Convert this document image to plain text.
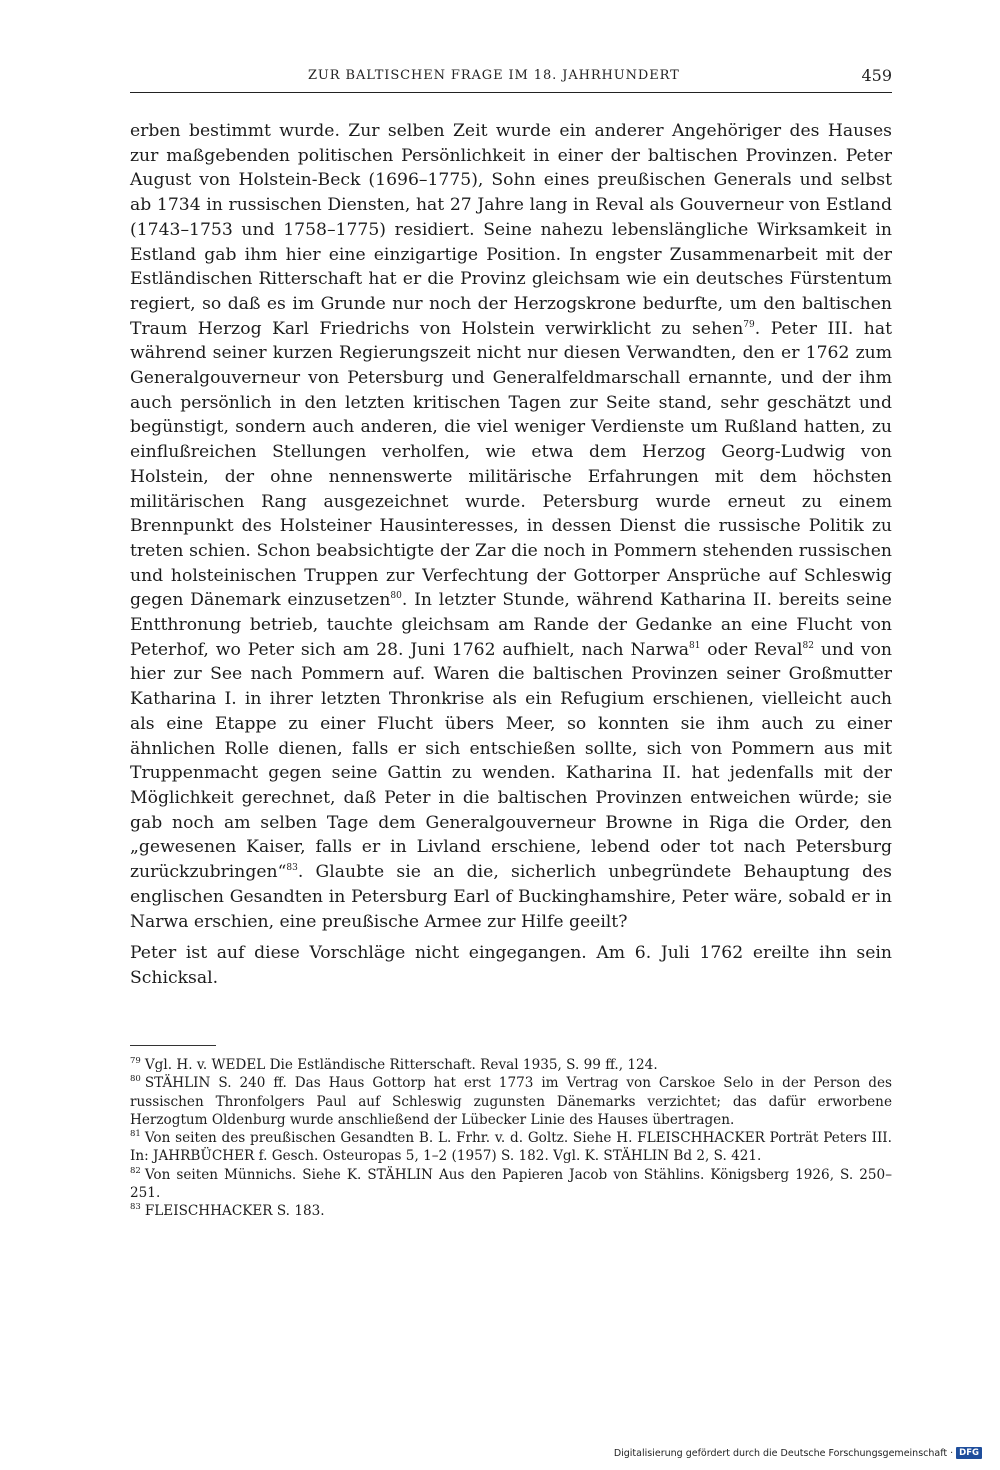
ZUR BALTISCHEN FRAGE IM 18. JAHRHUNDERT	459

erben bestimmt wurde. Zur selben Zeit wurde ein anderer Angehöriger des Hauses zur maßgebenden politischen Persönlichkeit in einer der baltischen Provinzen. Peter August von Holstein-Beck (1696–1775), Sohn eines preußischen Generals und selbst ab 1734 in russischen Diensten, hat 27 Jahre lang in Reval als Gouverneur von Estland (1743–1753 und 1758–1775) residiert. Seine nahezu lebenslängliche Wirksamkeit in Estland gab ihm hier eine einzigartige Position. In engster Zusammenarbeit mit der Estländischen Ritterschaft hat er die Provinz gleichsam wie ein deutsches Fürstentum regiert, so daß es im Grunde nur noch der Herzogskrone bedurfte, um den baltischen Traum Herzog Karl Friedrichs von Holstein verwirklicht zu sehen$^{79}$. Peter III. hat während seiner kurzen Regierungszeit nicht nur diesen Verwandten, den er 1762 zum Generalgouverneur von Petersburg und Generalfeldmarschall ernannte, und der ihm auch persönlich in den letzten kritischen Tagen zur Seite stand, sehr geschätzt und begünstigt, sondern auch anderen, die viel weniger Verdienste um Rußland hatten, zu einflußreichen Stellungen verholfen, wie etwa dem Herzog Georg-Ludwig von Holstein, der ohne nennenswerte militärische Erfahrungen mit dem höchsten militärischen Rang ausgezeichnet wurde. Petersburg wurde erneut zu einem Brennpunkt des Holsteiner Hausinteresses, in dessen Dienst die russische Politik zu treten schien. Schon beabsichtigte der Zar die noch in Pommern stehenden russischen und holsteinischen Truppen zur Verfechtung der Gottorper Ansprüche auf Schleswig gegen Dänemark einzusetzen$^{80}$. In letzter Stunde, während Katharina II. bereits seine Entthronung betrieb, tauchte gleichsam am Rande der Gedanke an eine Flucht von Peterhof, wo Peter sich am 28. Juni 1762 aufhielt, nach Narwa$^{81}$ oder Reval$^{82}$ und von hier zur See nach Pommern auf. Waren die baltischen Provinzen seiner Großmutter Katharina I. in ihrer letzten Thronkrise als ein Refugium erschienen, vielleicht auch als eine Etappe zu einer Flucht übers Meer, so konnten sie ihm auch zu einer ähnlichen Rolle dienen, falls er sich entschießen sollte, sich von Pommern aus mit Truppenmacht gegen seine Gattin zu wenden. Katharina II. hat jedenfalls mit der Möglichkeit gerechnet, daß Peter in die baltischen Provinzen entweichen würde; sie gab noch am selben Tage dem Generalgouverneur Browne in Riga die Order, den „gewesenen Kaiser, falls er in Livland erschiene, lebend oder tot nach Petersburg zurückzubringen“$^{83}$. Glaubte sie an die, sicherlich unbegründete Behauptung des englischen Gesandten in Petersburg Earl of Buckinghamshire, Peter wäre, sobald er in Narwa erschien, eine preußische Armee zur Hilfe geeilt?

Peter ist auf diese Vorschläge nicht eingegangen. Am 6. Juli 1762 ereilte ihn sein Schicksal.

$^{79}$ Vgl. H. v. WEDEL Die Estländische Ritterschaft. Reval 1935, S. 99 ff., 124.

$^{80}$ STÄHLIN S. 240 ff. Das Haus Gottorp hat erst 1773 im Vertrag von Carskoe Selo in der Person des russischen Thronfolgers Paul auf Schleswig zugunsten Dänemarks verzichtet; das dafür erworbene Herzogtum Oldenburg wurde anschließend der Lübecker Linie des Hauses übertragen.

$^{81}$ Von seiten des preußischen Gesandten B. L. Frhr. v. d. Goltz. Siehe H. FLEISCHHACKER Porträt Peters III. In: JAHRBÜCHER f. Gesch. Osteuropas 5, 1–2 (1957) S. 182. Vgl. K. STÄHLIN Bd 2, S. 421.

$^{82}$ Von seiten Münnichs. Siehe K. STÄHLIN Aus den Papieren Jacob von Stählins. Königsberg 1926, S. 250–251.

$^{83}$ FLEISCHHACKER S. 183.

Digitalisierung gefördert durch die Deutsche Forschungsgemeinschaft · DFG
